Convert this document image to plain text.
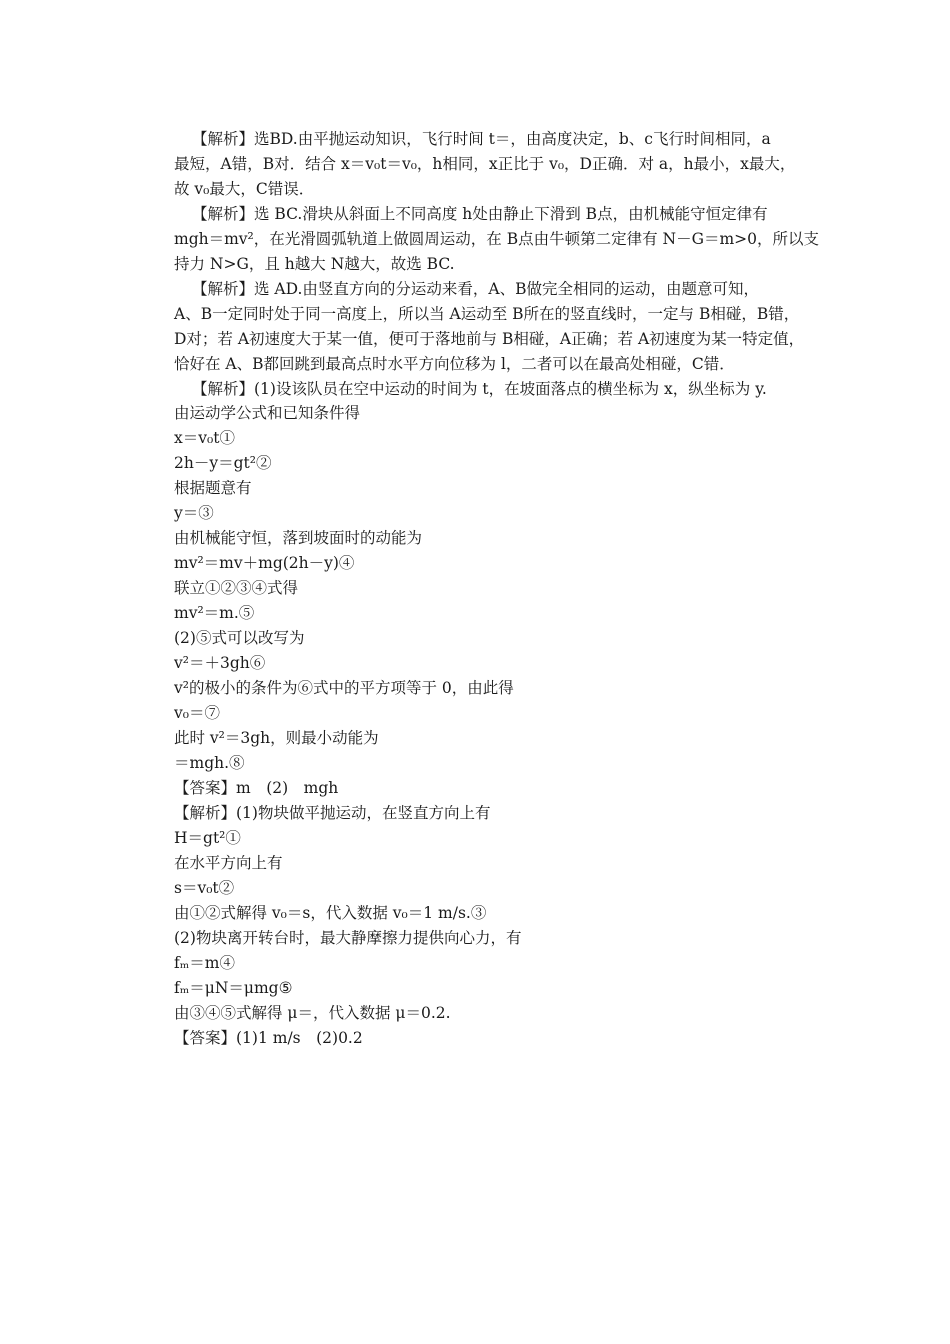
【解析】选BD.由平抛运动知识，飞行时间 t＝，由高度决定，b、c飞行时间相同，a
最短，A错，B对．结合 x＝v₀t＝v₀，h相同，x正比于 v₀，D正确．对 a，h最小，x最大，
故 v₀最大，C错误．
【解析】选 BC.滑块从斜面上不同高度 h处由静止下滑到 B点，由机械能守恒定律有
mgh＝mv²，在光滑圆弧轨道上做圆周运动，在 B点由牛顿第二定律有 N－G＝m>0，所以支
持力 N>G，且 h越大 N越大，故选 BC.
【解析】选 AD.由竖直方向的分运动来看，A、B做完全相同的运动，由题意可知，
A、B一定同时处于同一高度上，所以当 A运动至 B所在的竖直线时，一定与 B相碰，B错，
D对；若 A初速度大于某一值，便可于落地前与 B相碰，A正确；若 A初速度为某一特定值，
恰好在 A、B都回跳到最高点时水平方向位移为 l，二者可以在最高处相碰，C错．
【解析】(1)设该队员在空中运动的时间为 t，在坡面落点的横坐标为 x，纵坐标为 y.
由运动学公式和已知条件得
x＝v₀t①
2h－y＝gt²②
根据题意有
y＝③
由机械能守恒，落到坡面时的动能为
mv²＝mv＋mg(2h－y)④
联立①②③④式得
mv²＝m.⑤
(2)⑤式可以改写为
v²＝＋3gh⑥
v²的极小的条件为⑥式中的平方项等于 0，由此得
v₀＝⑦
此时 v²＝3gh，则最小动能为
＝mgh.⑧
【答案】m　(2)　mgh
【解析】(1)物块做平抛运动，在竖直方向上有
H＝gt²①
在水平方向上有
s＝v₀t②
由①②式解得 v₀＝s，代入数据 v₀＝1 m/s.③
(2)物块离开转台时，最大静摩擦力提供向心力，有
fₘ＝m④
fₘ＝μN＝μmg⑤
由③④⑤式解得 μ＝，代入数据 μ＝0.2.
【答案】(1)1 m/s　(2)0.2
